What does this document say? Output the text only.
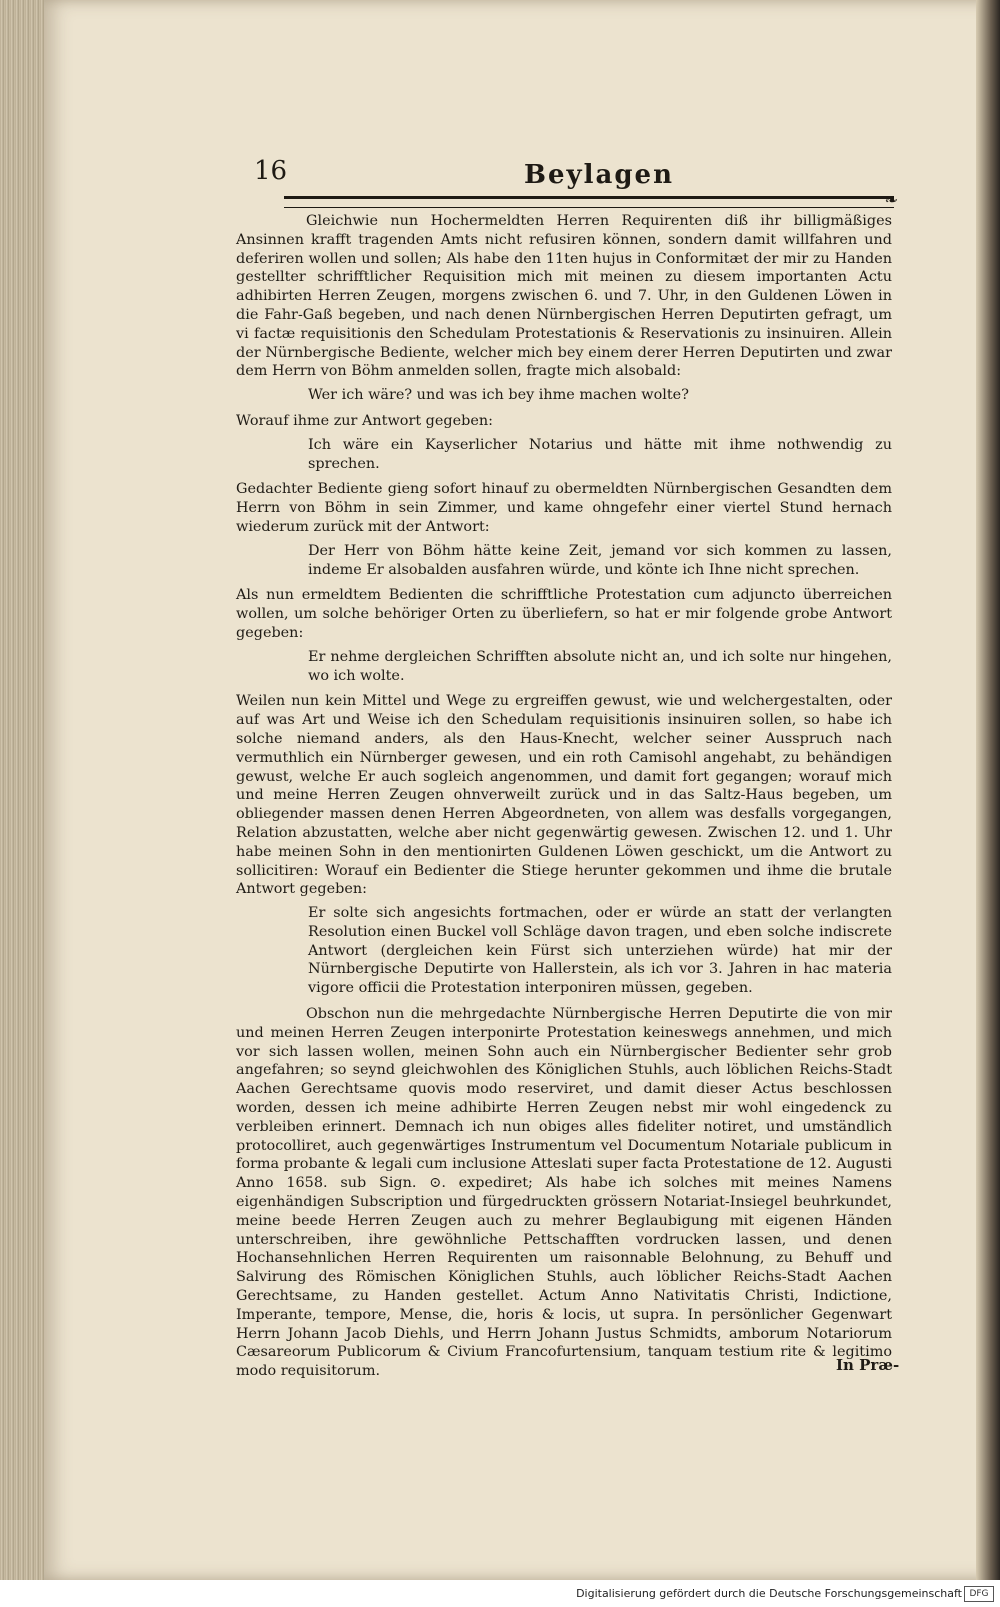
16	Beylagen
❧

Gleichwie nun Hochermeldten Herren Requirenten diß ihr billigmäßiges Ansinnen krafft tragenden Amts nicht refusiren können, sondern damit willfahren und deferiren wollen und sollen; Als habe den 11ten hujus in Conformitæt der mir zu Handen gestellter schrifftlicher Requisition mich mit meinen zu diesem importanten Actu adhibirten Herren Zeugen, morgens zwischen 6. und 7. Uhr, in den Guldenen Löwen in die Fahr-Gaß begeben, und nach denen Nürnbergischen Herren Deputirten gefragt, um vi factæ requisitionis den Schedulam Protestationis & Reservationis zu insinuiren. Allein der Nürnbergische Bediente, welcher mich bey einem derer Herren Deputirten und zwar dem Herrn von Böhm anmelden sollen, fragte mich alsobald:

Wer ich wäre? und was ich bey ihme machen wolte?

Worauf ihme zur Antwort gegeben:

Ich wäre ein Kayserlicher Notarius und hätte mit ihme nothwendig zu sprechen.

Gedachter Bediente gieng sofort hinauf zu obermeldten Nürnbergischen Gesandten dem Herrn von Böhm in sein Zimmer, und kame ohngefehr einer viertel Stund hernach wiederum zurück mit der Antwort:

Der Herr von Böhm hätte keine Zeit, jemand vor sich kommen zu lassen, indeme Er alsobalden ausfahren würde, und könte ich Ihne nicht sprechen.

Als nun ermeldtem Bedienten die schrifftliche Protestation cum adjuncto überreichen wollen, um solche behöriger Orten zu überliefern, so hat er mir folgende grobe Antwort gegeben:

Er nehme dergleichen Schrifften absolute nicht an, und ich solte nur hingehen, wo ich wolte.

Weilen nun kein Mittel und Wege zu ergreiffen gewust, wie und welchergestalten, oder auf was Art und Weise ich den Schedulam requisitionis insinuiren sollen, so habe ich solche niemand anders, als den Haus-Knecht, welcher seiner Ausspruch nach vermuthlich ein Nürnberger gewesen, und ein roth Camisohl angehabt, zu behändigen gewust, welche Er auch sogleich angenommen, und damit fort gegangen; worauf mich und meine Herren Zeugen ohnverweilt zurück und in das Saltz-Haus begeben, um obliegender massen denen Herren Abgeordneten, von allem was desfalls vorgegangen, Relation abzustatten, welche aber nicht gegenwärtig gewesen. Zwischen 12. und 1. Uhr habe meinen Sohn in den mentionirten Guldenen Löwen geschickt, um die Antwort zu sollicitiren: Worauf ein Bedienter die Stiege herunter gekommen und ihme die brutale Antwort gegeben:

Er solte sich angesichts fortmachen, oder er würde an statt der verlangten Resolution einen Buckel voll Schläge davon tragen, und eben solche indiscrete Antwort (dergleichen kein Fürst sich unterziehen würde) hat mir der Nürnbergische Deputirte von Hallerstein, als ich vor 3. Jahren in hac materia vigore officii die Protestation interponiren müssen, gegeben.

Obschon nun die mehrgedachte Nürnbergische Herren Deputirte die von mir und meinen Herren Zeugen interponirte Protestation keineswegs annehmen, und mich vor sich lassen wollen, meinen Sohn auch ein Nürnbergischer Bedienter sehr grob angefahren; so seynd gleichwohlen des Königlichen Stuhls, auch löblichen Reichs-Stadt Aachen Gerechtsame quovis modo reserviret, und damit dieser Actus beschlossen worden, dessen ich meine adhibirte Herren Zeugen nebst mir wohl eingedenck zu verbleiben erinnert. Demnach ich nun obiges alles fideliter notiret, und umständlich protocolliret, auch gegenwärtiges Instrumentum vel Documentum Notariale publicum in forma probante & legali cum inclusione Atteslati super facta Protestatione de 12. Augusti Anno 1658. sub Sign. ⊙. expediret; Als habe ich solches mit meines Namens eigenhändigen Subscription und fürgedruckten grössern Notariat-Insiegel beuhrkundet, meine beede Herren Zeugen auch zu mehrer Beglaubigung mit eigenen Händen unterschreiben, ihre gewöhnliche Pettschafften vordrucken lassen, und denen Hochansehnlichen Herren Requirenten um raisonnable Belohnung, zu Behuff und Salvirung des Römischen Königlichen Stuhls, auch löblicher Reichs-Stadt Aachen Gerechtsame, zu Handen gestellet. Actum Anno Nativitatis Christi, Indictione, Imperante, tempore, Mense, die, horis & locis, ut supra. In persönlicher Gegenwart Herrn Johann Jacob Diehls, und Herrn Johann Justus Schmidts, amborum Notariorum Cæsareorum Publicorum & Civium Francofurtensium, tanquam testium rite & legitimo modo requisitorum.	In Præ-
Digitalisierung gefördert durch die Deutsche Forschungsgemeinschaft DFG
